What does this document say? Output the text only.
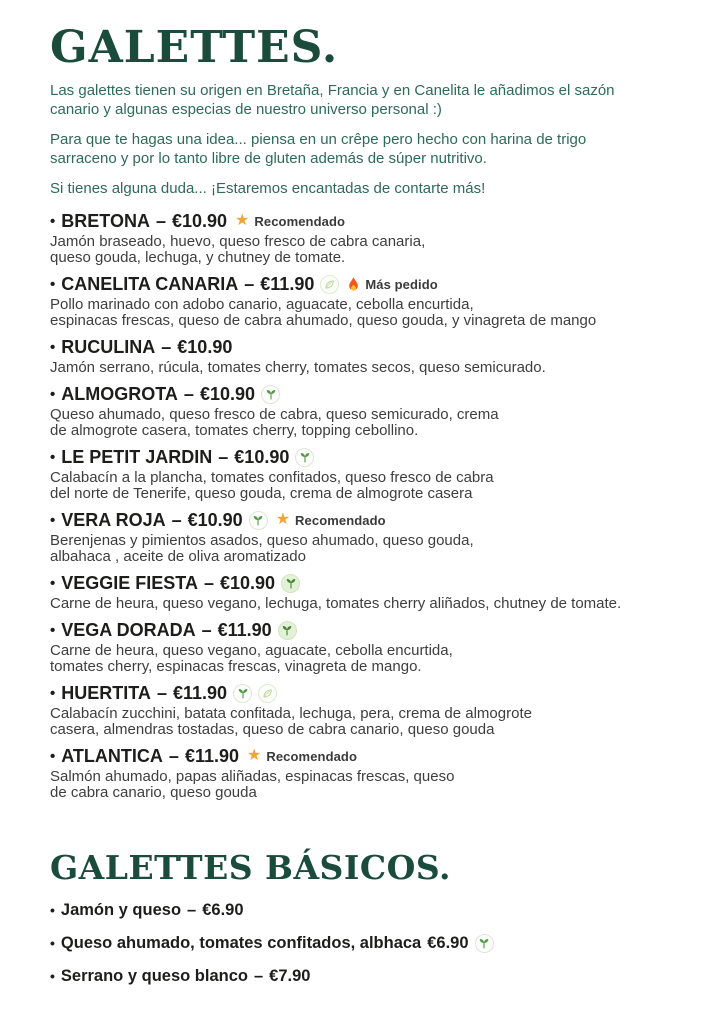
GALETTES.

Las galettes tienen su origen en Bretaña, Francia y en Canelita le añadimos el sazón
canario y algunas especias de nuestro universo personal :)

Para que te hagas una idea... piensa en un crêpe pero hecho con harina de trigo
sarraceno y por lo tanto libre de gluten además de súper nutritivo.

Si tienes alguna duda... ¡Estaremos encantadas de contarte más!

• BRETONA – €10.90 ★ Recomendado
Jamón braseado, huevo, queso fresco de cabra canaria,
queso gouda, lechuga, y chutney de tomate.
• CANELITA CANARIA – €11.90	Más pedido
Pollo marinado con adobo canario, aguacate, cebolla encurtida,
espinacas frescas, queso de cabra ahumado, queso gouda, y vinagreta de mango
• RUCULINA – €10.90
Jamón serrano, rúcula, tomates cherry, tomates secos, queso semicurado.
• ALMOGROTA – €10.90
Queso ahumado, queso fresco de cabra, queso semicurado, crema
de almogrote casera, tomates cherry, topping cebollino.
• LE PETIT JARDIN – €10.90
Calabacín a la plancha, tomates confitados, queso fresco de cabra
del norte de Tenerife, queso gouda, crema de almogrote casera
• VERA ROJA – €10.90 ★ Recomendado
Berenjenas y pimientos asados, queso ahumado, queso gouda,
albahaca , aceite de oliva aromatizado
• VEGGIE FIESTA – €10.90
Carne de heura, queso vegano, lechuga, tomates cherry aliñados, chutney de tomate.
• VEGA DORADA – €11.90
Carne de heura, queso vegano, aguacate, cebolla encurtida,
tomates cherry, espinacas frescas, vinagreta de mango.
• HUERTITA – €11.90
Calabacín zucchini, batata confitada, lechuga, pera, crema de almogrote
casera, almendras tostadas, queso de cabra canario, queso gouda
• ATLANTICA – €11.90 ★ Recomendado
Salmón ahumado, papas aliñadas, espinacas frescas, queso
de cabra canario, queso gouda
GALETTES BÁSICOS.
• Jamón y queso – €6.90
• Queso ahumado, tomates confitados, albhaca €6.90
• Serrano y queso blanco – €7.90
